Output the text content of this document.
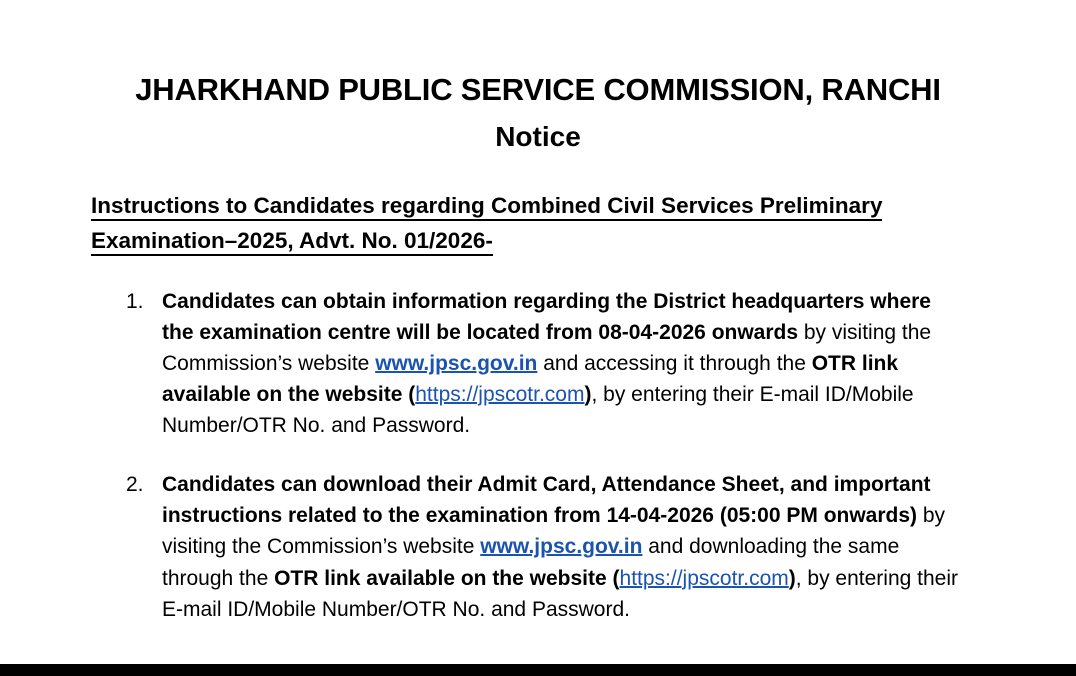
JHARKHAND PUBLIC SERVICE COMMISSION, RANCHI
Notice
Instructions to Candidates regarding Combined Civil Services Preliminary
Examination–2025, Advt. No. 01/2026-
1. Candidates can obtain information regarding the District headquarters where the examination centre will be located from 08-04-2026 onwards by visiting the Commission’s website www.jpsc.gov.in and accessing it through the OTR link available on the website (https://jpscotr.com), by entering their E-mail ID/Mobile Number/OTR No. and Password.
2. Candidates can download their Admit Card, Attendance Sheet, and important instructions related to the examination from 14-04-2026 (05:00 PM onwards) by visiting the Commission’s website www.jpsc.gov.in and downloading the same through the OTR link available on the website (https://jpscotr.com), by entering their E-mail ID/Mobile Number/OTR No. and Password.
